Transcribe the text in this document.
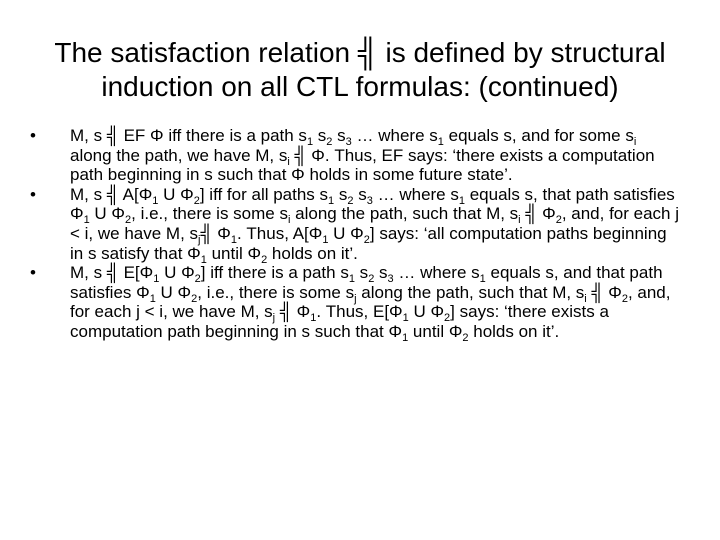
The satisfaction relation ╣ is defined by structural
induction on all CTL formulas: (continued)
•	M, s ╣ EF Φ iff there is a path $s_1$ $s_2$ $s_3$ … where $s_1$ equals s, and for some $s_i$ along the path, we have M, $s_i$ ╣ Φ. Thus, EF says: ‘there exists a computation path beginning in s such that Φ holds in some future state’.
•	M, s ╣ $A[\Phi_1$ U $\Phi_2$] iff for all paths $s_1$ $s_2$ $s_3$ … where $s_1$ equals s, that path satisfies $\Phi_1$ U $\Phi_2$, i.e., there is some $s_i$ along the path, such that M, $s_i$ ╣ $\Phi_2$, and, for each j < i, we have M, $s_j╣$ $\Phi_1$. Thus, $A[\Phi_1$ U $\Phi_2$] says: ‘all computation paths beginning in s satisfy that $\Phi_1$ until $\Phi_2$ holds on it’.
•	M, s ╣ $E[\Phi_1$ U $\Phi_2$] iff there is a path $s_1$ $s_2$ $s_3$ … where $s_1$ equals s, and that path satisfies $\Phi_1$ U $\Phi_2$, i.e., there is some $s_j$ along the path, such that M, $s_i$ ╣ $\Phi_2$, and, for each j < i, we have M, $s_j$ ╣ $\Phi_1$. Thus, $E[\Phi_1$ U $\Phi_2$] says: ‘there exists a computation path beginning in s such that $\Phi_1$ until $\Phi_2$ holds on it’.
